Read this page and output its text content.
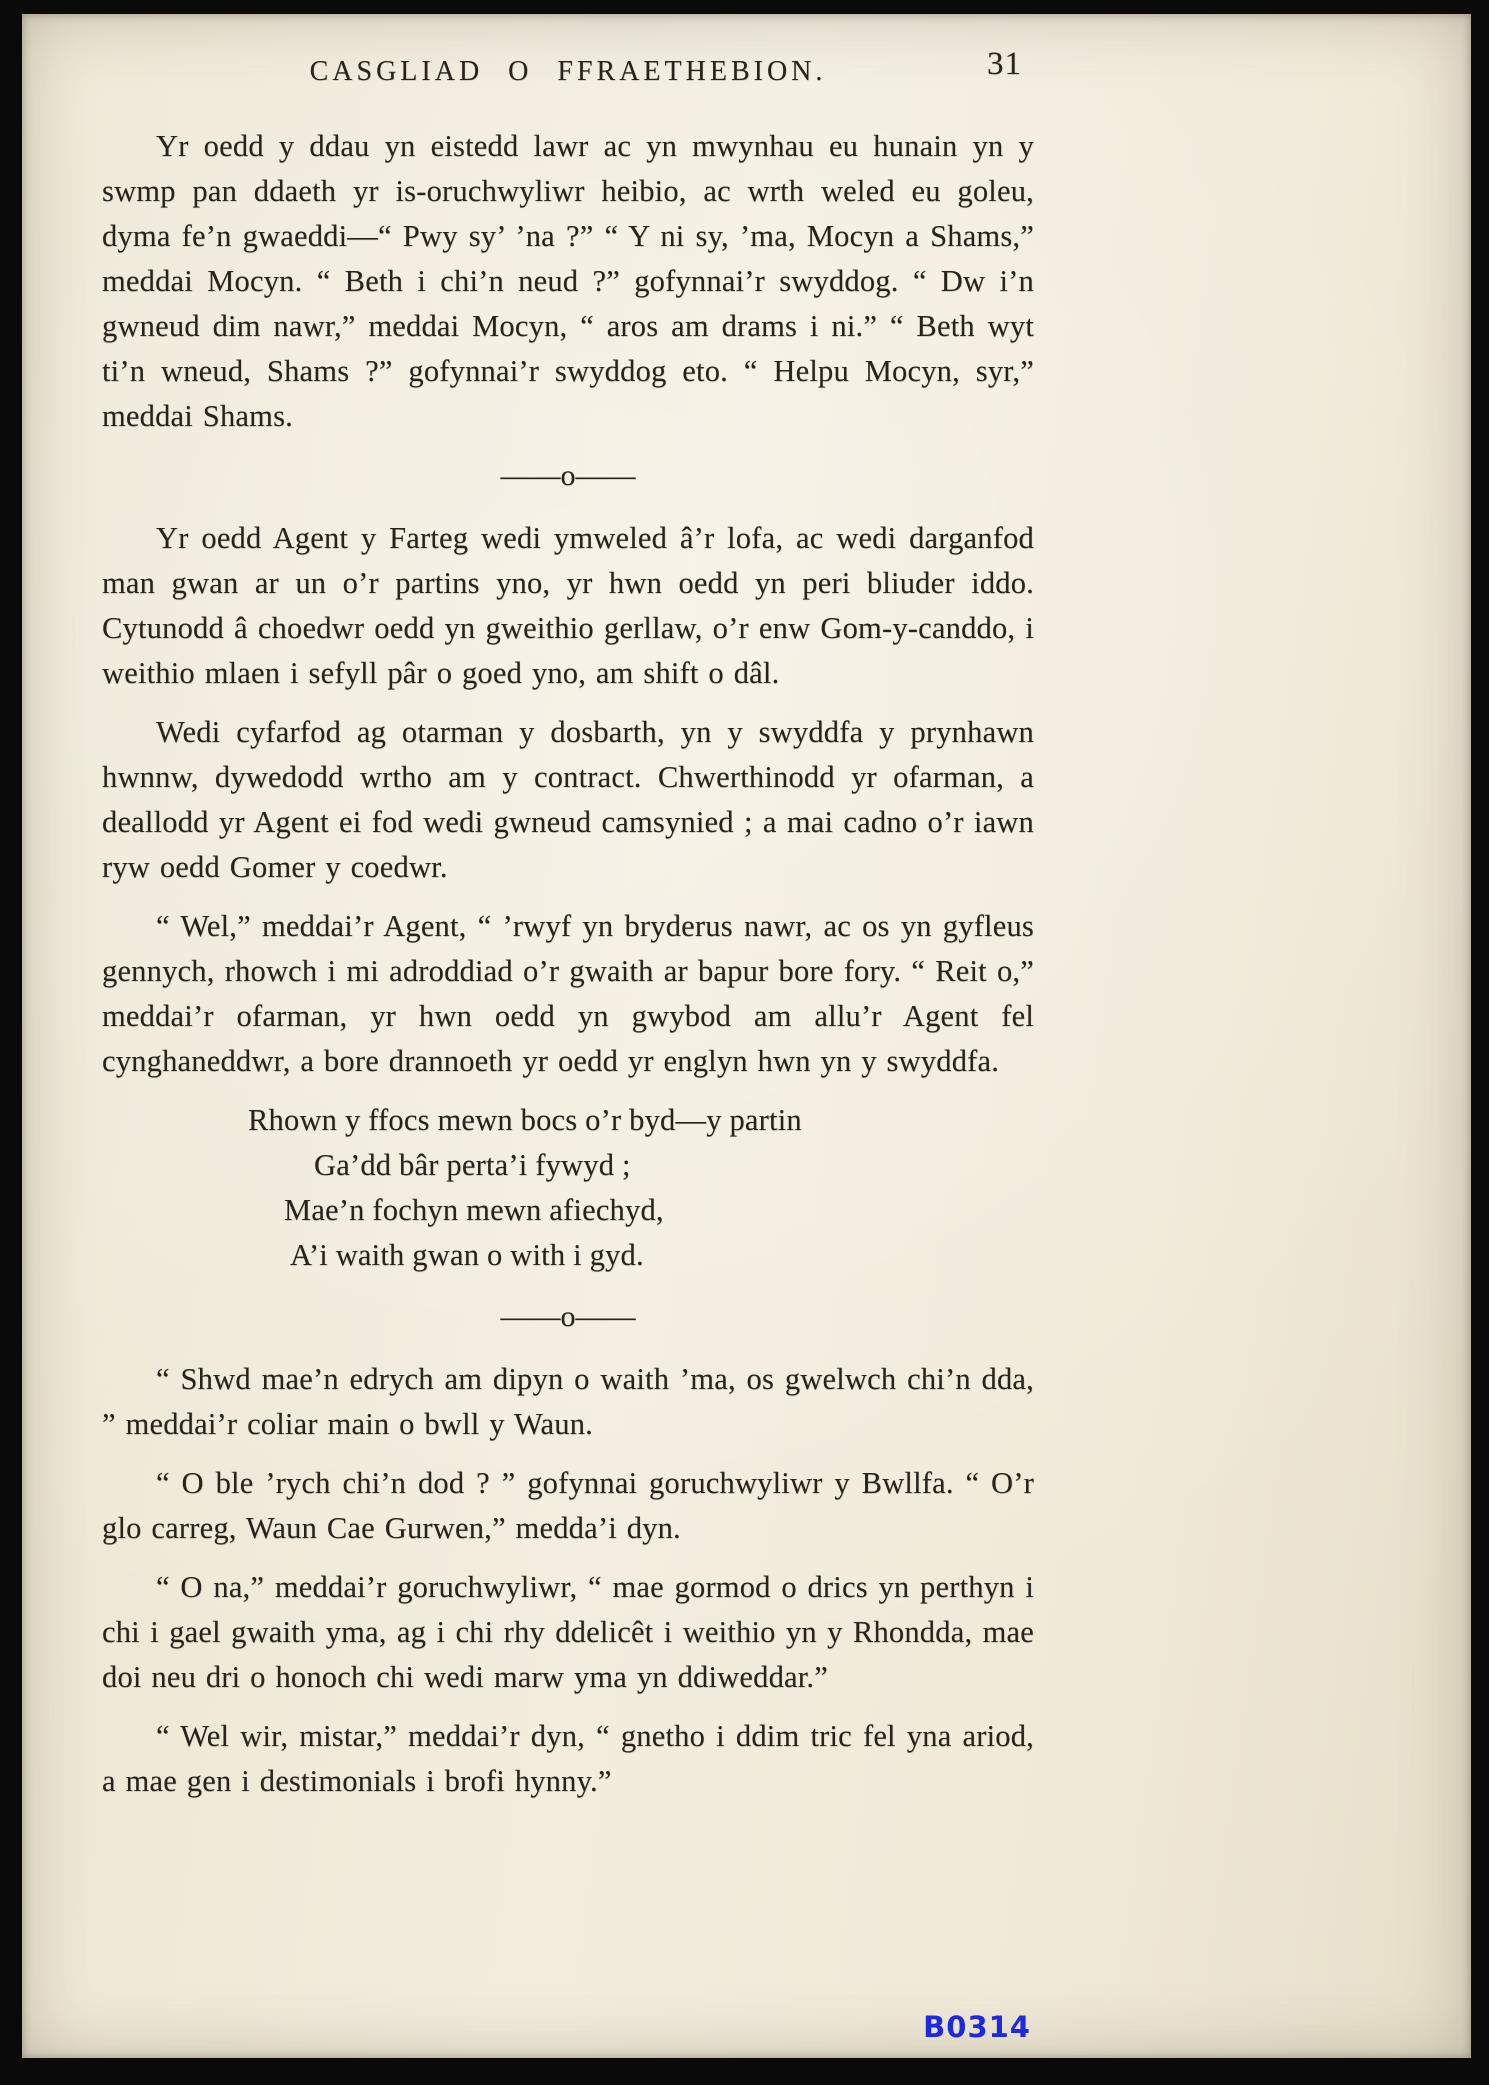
CASGLIAD O FFRAETHEBION.	31

Yr oedd y ddau yn eistedd lawr ac yn mwynhau eu hunain yn y swmp pan ddaeth yr is-oruchwyliwr heibio, ac wrth weled eu goleu, dyma fe’n gwaeddi—“ Pwy sy’ ’na ?” “ Y ni sy, ’ma, Mocyn a Shams,” meddai Mocyn. “ Beth i chi’n neud ?” gofynnai’r swyddog. “ Dw i’n gwneud dim nawr,” meddai Mocyn, “ aros am drams i ni.” “ Beth wyt ti’n wneud, Shams ?” gofynnai’r swyddog eto. “ Helpu Mocyn, syr,” meddai Shams.

——o——

Yr oedd Agent y Farteg wedi ymweled â’r lofa, ac wedi darganfod man gwan ar un o’r partins yno, yr hwn oedd yn peri bliuder iddo. Cytunodd â choedwr oedd yn gweithio gerllaw, o’r enw Gom-y-canddo, i weithio mlaen i sefyll pâr o goed yno, am shift o dâl.

Wedi cyfarfod ag otarman y dosbarth, yn y swyddfa y prynhawn hwnnw, dywedodd wrtho am y contract. Chwerthinodd yr ofarman, a deallodd yr Agent ei fod wedi gwneud camsynied ; a mai cadno o’r iawn ryw oedd Gomer y coedwr.

“ Wel,” meddai’r Agent, “ ’rwyf yn bryderus nawr, ac os yn gyfleus gennych, rhowch i mi adroddiad o’r gwaith ar bapur bore fory. “ Reit o,” meddai’r ofarman, yr hwn oedd yn gwybod am allu’r Agent fel cynghaneddwr, a bore drannoeth yr oedd yr englyn hwn yn y swyddfa.

Rhown y ffocs mewn bocs o’r byd—y partin
Ga’dd bâr perta’i fywyd ;
Mae’n fochyn mewn afiechyd,
A’i waith gwan o with i gyd.
——o——

“ Shwd mae’n edrych am dipyn o waith ’ma, os gwelwch chi’n dda, ” meddai’r coliar main o bwll y Waun.

“ O ble ’rych chi’n dod ? ” gofynnai goruchwyliwr y Bwllfa. “ O’r glo carreg, Waun Cae Gurwen,” medda’i dyn.

“ O na,” meddai’r goruchwyliwr, “ mae gormod o drics yn perthyn i chi i gael gwaith yma, ag i chi rhy ddelicêt i weithio yn y Rhondda, mae doi neu dri o honoch chi wedi marw yma yn ddiweddar.”

“ Wel wir, mistar,” meddai’r dyn, “ gnetho i ddim tric fel yna ariod, a mae gen i destimonials i brofi hynny.”

B0314
